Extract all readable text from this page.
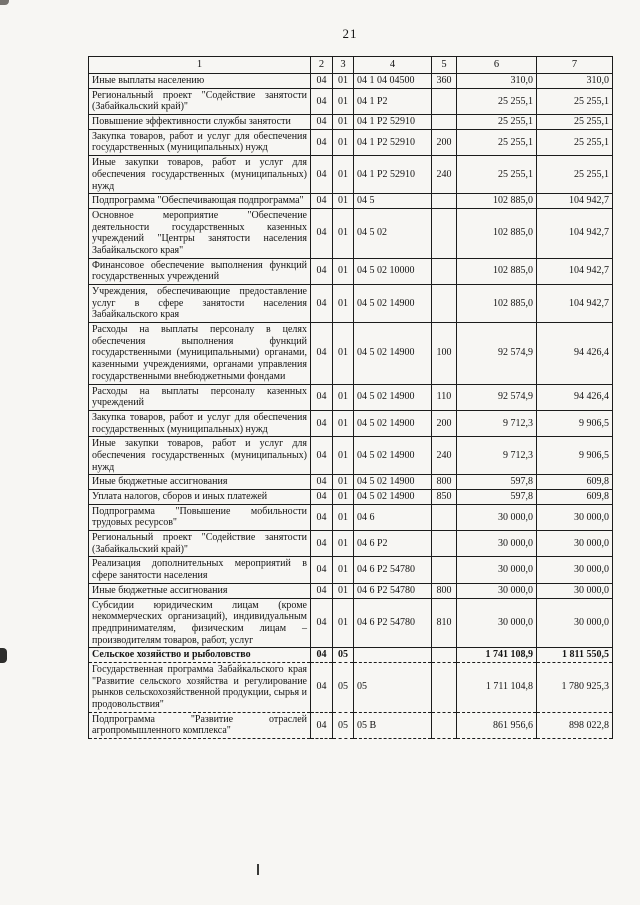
21
1	2	3	4	5	6	7
Иные выплаты населению	04	01	04 1 04 04500	360	310,0	310,0
Региональный проект "Содействие занятости (Забайкальский край)"	04	01	04 1 Р2		25 255,1	25 255,1
Повышение эффективности службы занятости	04	01	04 1 Р2 52910		25 255,1	25 255,1
Закупка товаров, работ и услуг для обеспечения государственных (муниципальных) нужд	04	01	04 1 Р2 52910	200	25 255,1	25 255,1
Иные закупки товаров, работ и услуг для обеспечения государственных (муниципальных) нужд	04	01	04 1 Р2 52910	240	25 255,1	25 255,1
Подпрограмма "Обеспечивающая подпрограмма"	04	01	04 5		102 885,0	104 942,7
Основное мероприятие "Обеспечение деятельности государственных казенных учреждений "Центры занятости населения Забайкальского края"	04	01	04 5 02		102 885,0	104 942,7
Финансовое обеспечение выполнения функций государственных учреждений	04	01	04 5 02 10000		102 885,0	104 942,7
Учреждения, обеспечивающие предоставление услуг в сфере занятости населения Забайкальского края	04	01	04 5 02 14900		102 885,0	104 942,7
Расходы на выплаты персоналу в целях обеспечения выполнения функций государственными (муниципальными) органами, казенными учреждениями, органами управления государственными внебюджетными фондами	04	01	04 5 02 14900	100	92 574,9	94 426,4
Расходы на выплаты персоналу казенных учреждений	04	01	04 5 02 14900	110	92 574,9	94 426,4
Закупка товаров, работ и услуг для обеспечения государственных (муниципальных) нужд	04	01	04 5 02 14900	200	9 712,3	9 906,5
Иные закупки товаров, работ и услуг для обеспечения государственных (муниципальных) нужд	04	01	04 5 02 14900	240	9 712,3	9 906,5
Иные бюджетные ассигнования	04	01	04 5 02 14900	800	597,8	609,8
Уплата налогов, сборов и иных платежей	04	01	04 5 02 14900	850	597,8	609,8
Подпрограмма "Повышение мобильности трудовых ресурсов"	04	01	04 6		30 000,0	30 000,0
Региональный проект "Содействие занятости (Забайкальский край)"	04	01	04 6 Р2		30 000,0	30 000,0
Реализация дополнительных мероприятий в сфере занятости населения	04	01	04 6 Р2 54780		30 000,0	30 000,0
Иные бюджетные ассигнования	04	01	04 6 Р2 54780	800	30 000,0	30 000,0
Субсидии юридическим лицам (кроме некоммерческих организаций), индивидуальным предпринимателям, физическим лицам – производителям товаров, работ, услуг	04	01	04 6 Р2 54780	810	30 000,0	30 000,0
Сельское хозяйство и рыболовство	04	05			1 741 108,9	1 811 550,5
Государственная программа Забайкальского края "Развитие сельского хозяйства и регулирование рынков сельскохозяйственной продукции, сырья и продовольствия"	04	05	05		1 711 104,8	1 780 925,3
Подпрограмма "Развитие отраслей агропромышленного комплекса"	04	05	05 В		861 956,6	898 022,8
